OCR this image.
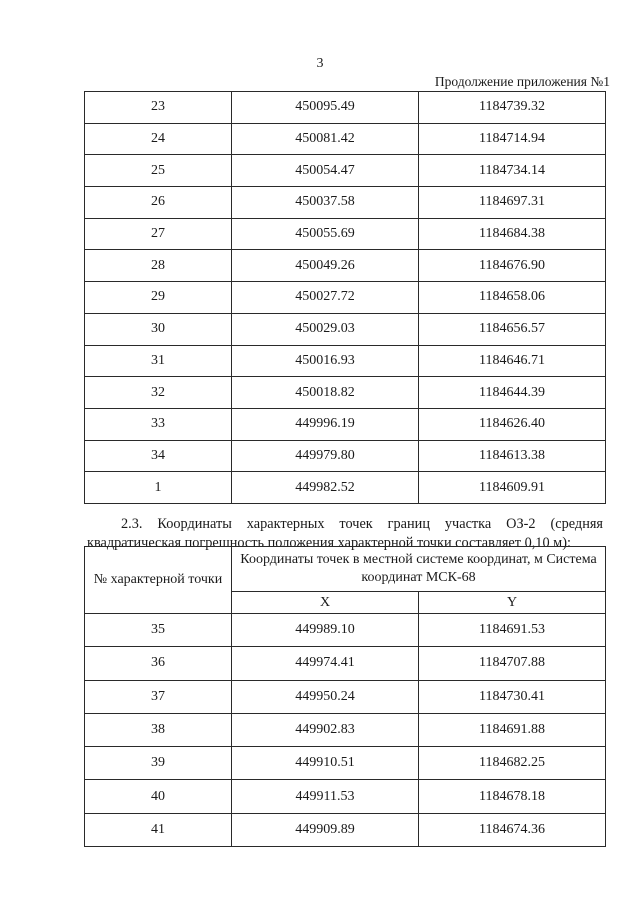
3
Продолжение приложения №1
23	450095.49	1184739.32
24	450081.42	1184714.94
25	450054.47	1184734.14
26	450037.58	1184697.31
27	450055.69	1184684.38
28	450049.26	1184676.90
29	450027.72	1184658.06
30	450029.03	1184656.57
31	450016.93	1184646.71
32	450018.82	1184644.39
33	449996.19	1184626.40
34	449979.80	1184613.38
1	449982.52	1184609.91

2.3. Координаты характерных точек границ участка ОЗ-2 (средняя квадратическая погрешность положения характерной точки составляет 0,10 м):

№ характерной точки	Координаты точек в местной системе координат, м Система координат МСК-68	
	X	Y
35	449989.10	1184691.53
36	449974.41	1184707.88
37	449950.24	1184730.41
38	449902.83	1184691.88
39	449910.51	1184682.25
40	449911.53	1184678.18
41	449909.89	1184674.36
